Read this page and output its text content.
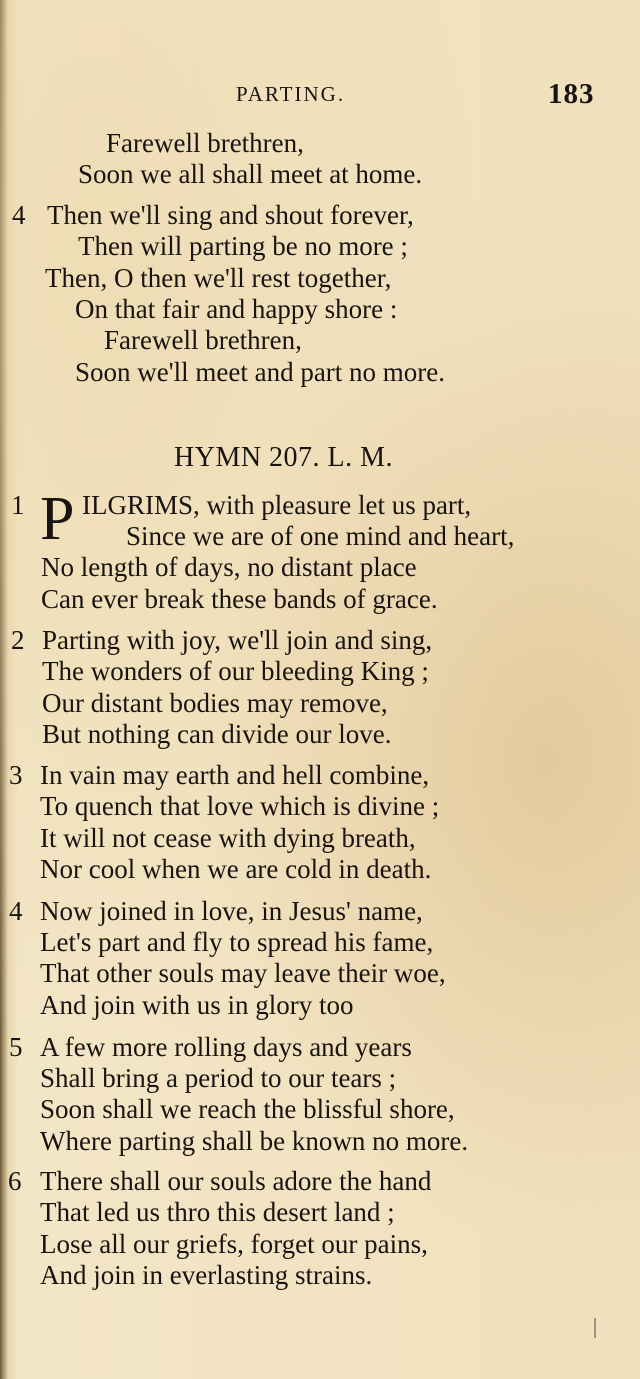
PARTING.	183
Farewell brethren,
Soon we all shall meet at home.
4 Then we'll sing and shout forever,
Then will parting be no more ;
Then, O then we'll rest together,
On that fair and happy shore :
Farewell brethren,
Soon we'll meet and part no more.
HYMN 207. L. M.
1 P ILGRIMS, with pleasure let us part,
Since we are of one mind and heart,
No length of days, no distant place
Can ever break these bands of grace.
2 Parting with joy, we'll join and sing,
The wonders of our bleeding King ;
Our distant bodies may remove,
But nothing can divide our love.
3 In vain may earth and hell combine,
To quench that love which is divine ;
It will not cease with dying breath,
Nor cool when we are cold in death.
4 Now joined in love, in Jesus' name,
Let's part and fly to spread his fame,
That other souls may leave their woe,
And join with us in glory too
5 A few more rolling days and years
Shall bring a period to our tears ;
Soon shall we reach the blissful shore,
Where parting shall be known no more.
6 There shall our souls adore the hand
That led us thro this desert land ;
Lose all our griefs, forget our pains,
And join in everlasting strains.
